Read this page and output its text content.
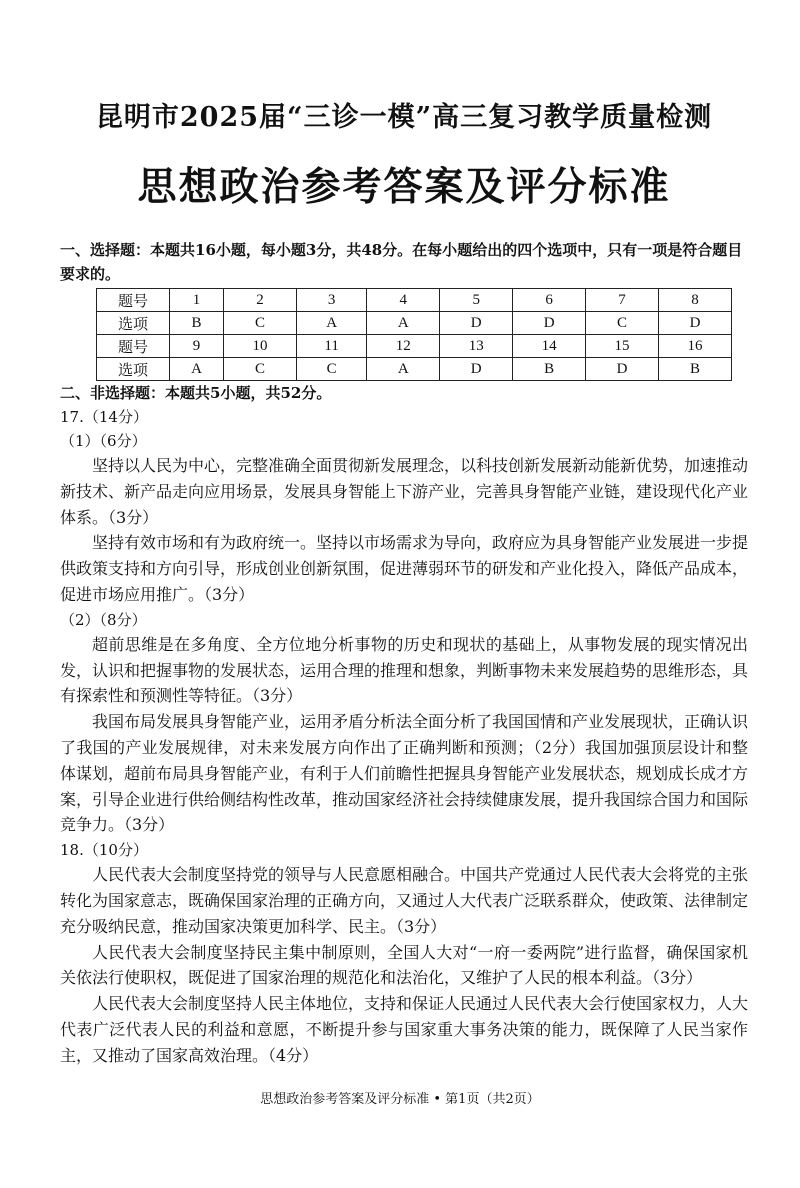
昆明市2025届“三诊一模”高三复习教学质量检测
思想政治参考答案及评分标准
一、选择题：本题共16小题，每小题3分，共48分。在每小题给出的四个选项中，只有一项是符合题目要求的。
题号	1	2	3	4	5	6	7	8
选项	B	C	A	A	D	D	C	D
题号	9	10	11	12	13	14	15	16
选项	A	C	C	A	D	B	D	B
二、非选择题：本题共5小题，共52分。
17.（14分）
（1）（6分）

坚持以人民为中心，完整准确全面贯彻新发展理念，以科技创新发展新动能新优势，加速推动新技术、新产品走向应用场景，发展具身智能上下游产业，完善具身智能产业链，建设现代化产业体系。（3分）

坚持有效市场和有为政府统一。坚持以市场需求为导向，政府应为具身智能产业发展进一步提供政策支持和方向引导，形成创业创新氛围，促进薄弱环节的研发和产业化投入，降低产品成本，促进市场应用推广。（3分）

（2）（8分）

超前思维是在多角度、全方位地分析事物的历史和现状的基础上，从事物发展的现实情况出发，认识和把握事物的发展状态，运用合理的推理和想象，判断事物未来发展趋势的思维形态，具有探索性和预测性等特征。（3分）

我国布局发展具身智能产业，运用矛盾分析法全面分析了我国国情和产业发展现状，正确认识了我国的产业发展规律，对未来发展方向作出了正确判断和预测；（2分）我国加强顶层设计和整体谋划，超前布局具身智能产业，有利于人们前瞻性把握具身智能产业发展状态，规划成长成才方案，引导企业进行供给侧结构性改革，推动国家经济社会持续健康发展，提升我国综合国力和国际竞争力。（3分）

18.（10分）

人民代表大会制度坚持党的领导与人民意愿相融合。中国共产党通过人民代表大会将党的主张转化为国家意志，既确保国家治理的正确方向，又通过人大代表广泛联系群众，使政策、法律制定充分吸纳民意，推动国家决策更加科学、民主。（3分）

人民代表大会制度坚持民主集中制原则，全国人大对“一府一委两院”进行监督，确保国家机关依法行使职权，既促进了国家治理的规范化和法治化，又维护了人民的根本利益。（3分）

人民代表大会制度坚持人民主体地位，支持和保证人民通过人民代表大会行使国家权力，人大代表广泛代表人民的利益和意愿，不断提升参与国家重大事务决策的能力，既保障了人民当家作主，又推动了国家高效治理。（4分）

思想政治参考答案及评分标准 • 第1页（共2页）
